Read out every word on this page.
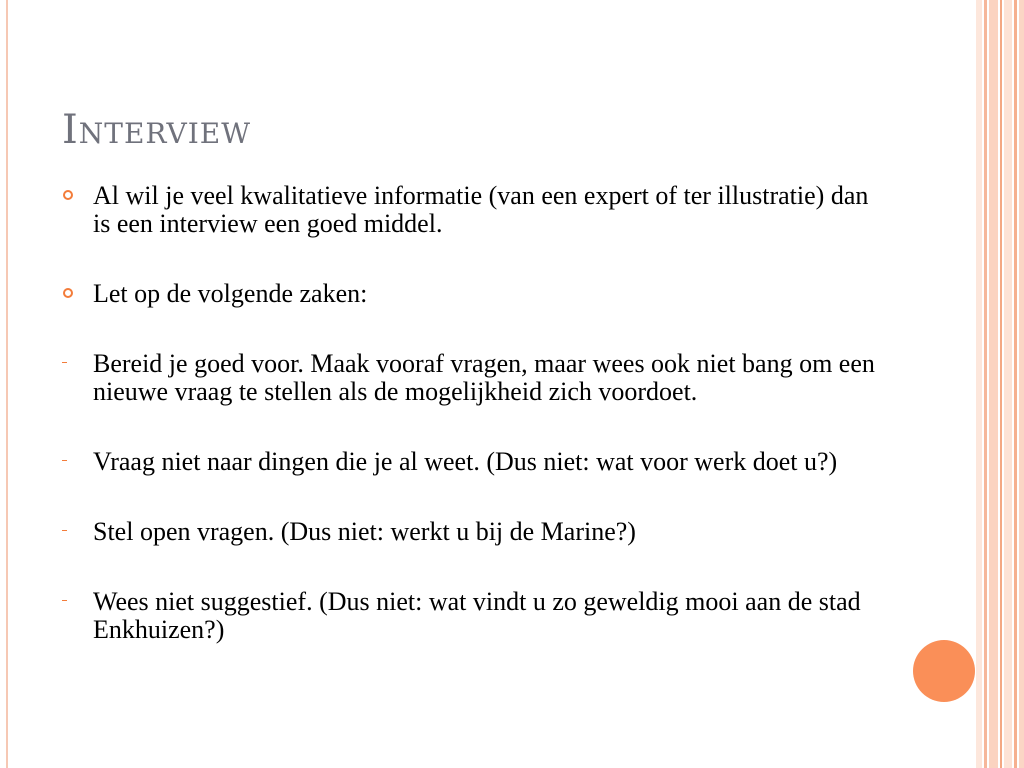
Interview
Al wil je veel kwalitatieve informatie (van een expert of ter illustratie) dan is een interview een goed middel.
Let op de volgende zaken:
Bereid je goed voor. Maak vooraf vragen, maar wees ook niet bang om een nieuwe vraag te stellen als de mogelijkheid zich voordoet.
Vraag niet naar dingen die je al weet. (Dus niet: wat voor werk doet u?)
Stel open vragen. (Dus niet: werkt u bij de Marine?)
Wees niet suggestief. (Dus niet: wat vindt u zo geweldig mooi aan de stad Enkhuizen?)
